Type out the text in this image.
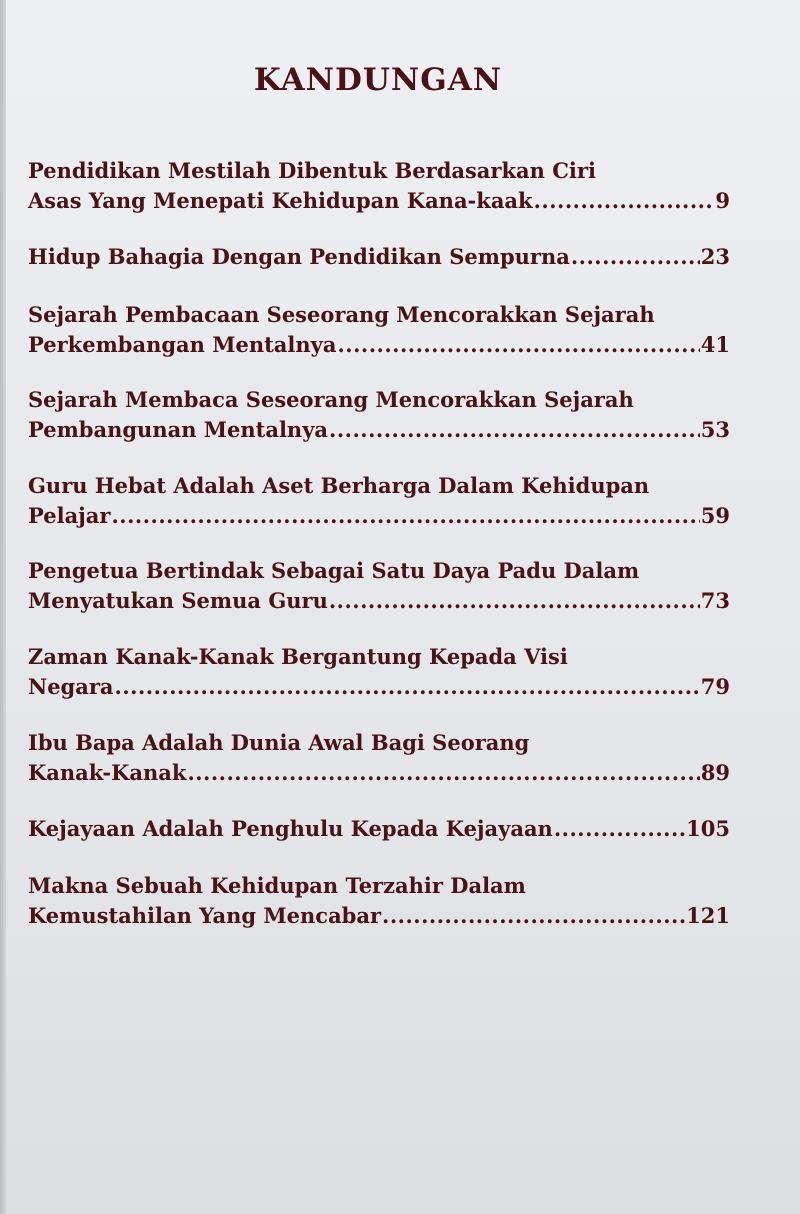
KANDUNGAN
Pendidikan Mestilah Dibentuk Berdasarkan Ciri
Asas Yang Menepati Kehidupan Kana-kaak .....	9
Hidup Bahagia Dengan Pendidikan Sempurna .....	23
Sejarah Pembacaan Seseorang Mencorakkan Sejarah
Perkembangan Mentalnya .....	41
Sejarah Membaca Seseorang Mencorakkan Sejarah
Pembangunan Mentalnya .....	53
Guru Hebat Adalah Aset Berharga Dalam Kehidupan
Pelajar .....	59
Pengetua Bertindak Sebagai Satu Daya Padu Dalam
Menyatukan Semua Guru .....	73
Zaman Kanak-Kanak Bergantung Kepada Visi
Negara .....	79
Ibu Bapa Adalah Dunia Awal Bagi Seorang
Kanak-Kanak .....	89
Kejayaan Adalah Penghulu Kepada Kejayaan .....	105
Makna Sebuah Kehidupan Terzahir Dalam
Kemustahilan Yang Mencabar .....	121
